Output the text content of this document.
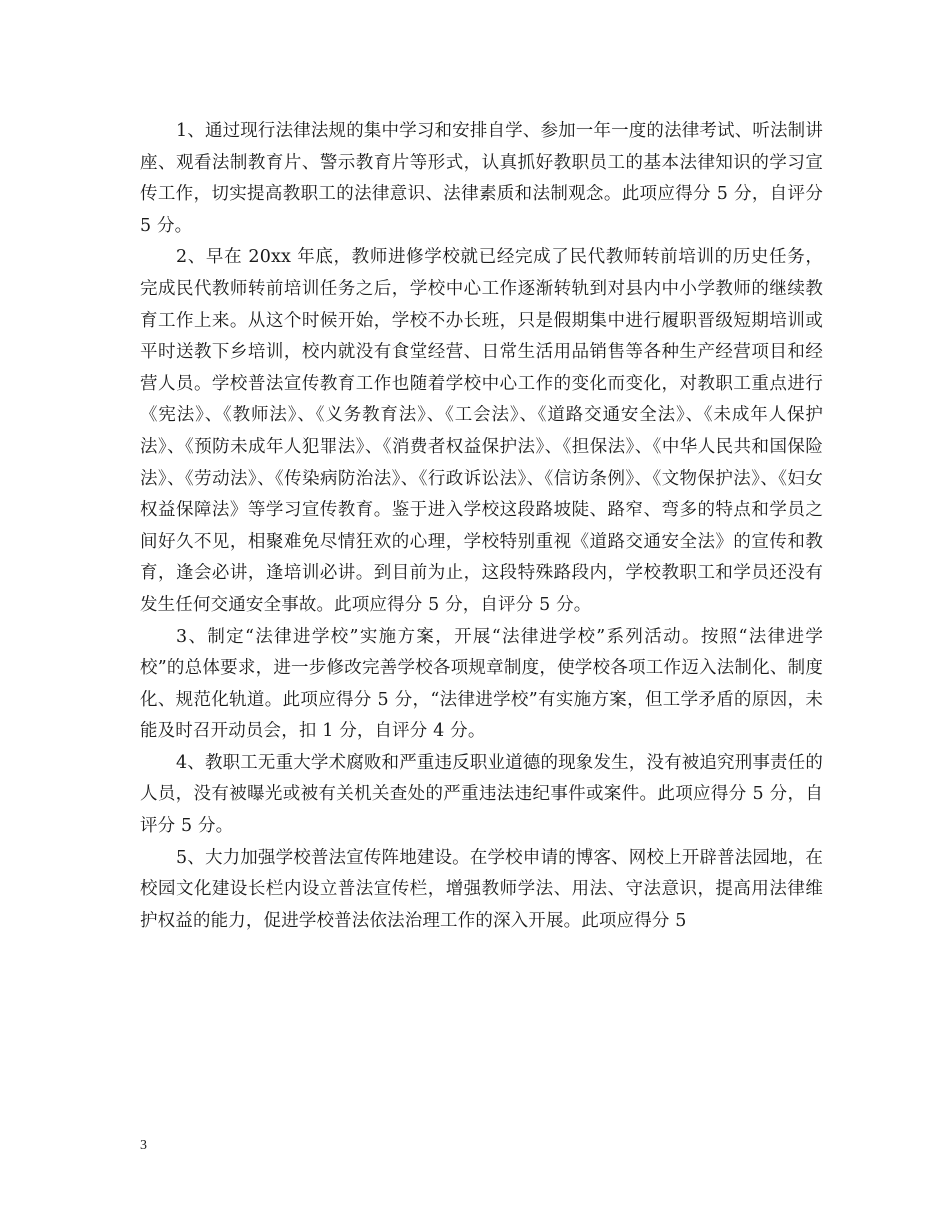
1、通过现行法律法规的集中学习和安排自学、参加一年一度的法律考试、听法制讲座、观看法制教育片、警示教育片等形式，认真抓好教职员工的基本法律知识的学习宣传工作，切实提高教职工的法律意识、法律素质和法制观念。此项应得分 5 分，自评分 5 分。

2、早在 20xx 年底，教师进修学校就已经完成了民代教师转前培训的历史任务，完成民代教师转前培训任务之后，学校中心工作逐渐转轨到对县内中小学教师的继续教育工作上来。从这个时候开始，学校不办长班，只是假期集中进行履职晋级短期培训或平时送教下乡培训，校内就没有食堂经营、日常生活用品销售等各种生产经营项目和经营人员。学校普法宣传教育工作也随着学校中心工作的变化而变化，对教职工重点进行《宪法》、《教师法》、《义务教育法》、《工会法》、《道路交通安全法》、《未成年人保护法》、《预防未成年人犯罪法》、《消费者权益保护法》、《担保法》、《中华人民共和国保险法》、《劳动法》、《传染病防治法》、《行政诉讼法》、《信访条例》、《文物保护法》、《妇女权益保障法》等学习宣传教育。鉴于进入学校这段路坡陡、路窄、弯多的特点和学员之间好久不见，相聚难免尽情狂欢的心理，学校特别重视《道路交通安全法》的宣传和教育，逢会必讲，逢培训必讲。到目前为止，这段特殊路段内，学校教职工和学员还没有发生任何交通安全事故。此项应得分 5 分，自评分 5 分。

3、制定“法律进学校”实施方案，开展“法律进学校”系列活动。按照“法律进学校”的总体要求，进一步修改完善学校各项规章制度，使学校各项工作迈入法制化、制度化、规范化轨道。此项应得分 5 分，“法律进学校”有实施方案，但工学矛盾的原因，未能及时召开动员会，扣 1 分，自评分 4 分。

4、教职工无重大学术腐败和严重违反职业道德的现象发生，没有被追究刑事责任的人员，没有被曝光或被有关机关查处的严重违法违纪事件或案件。此项应得分 5 分，自评分 5 分。

5、大力加强学校普法宣传阵地建设。在学校申请的博客、网校上开辟普法园地，在校园文化建设长栏内设立普法宣传栏，增强教师学法、用法、守法意识，提高用法律维护权益的能力，促进学校普法依法治理工作的深入开展。此项应得分 5

3
